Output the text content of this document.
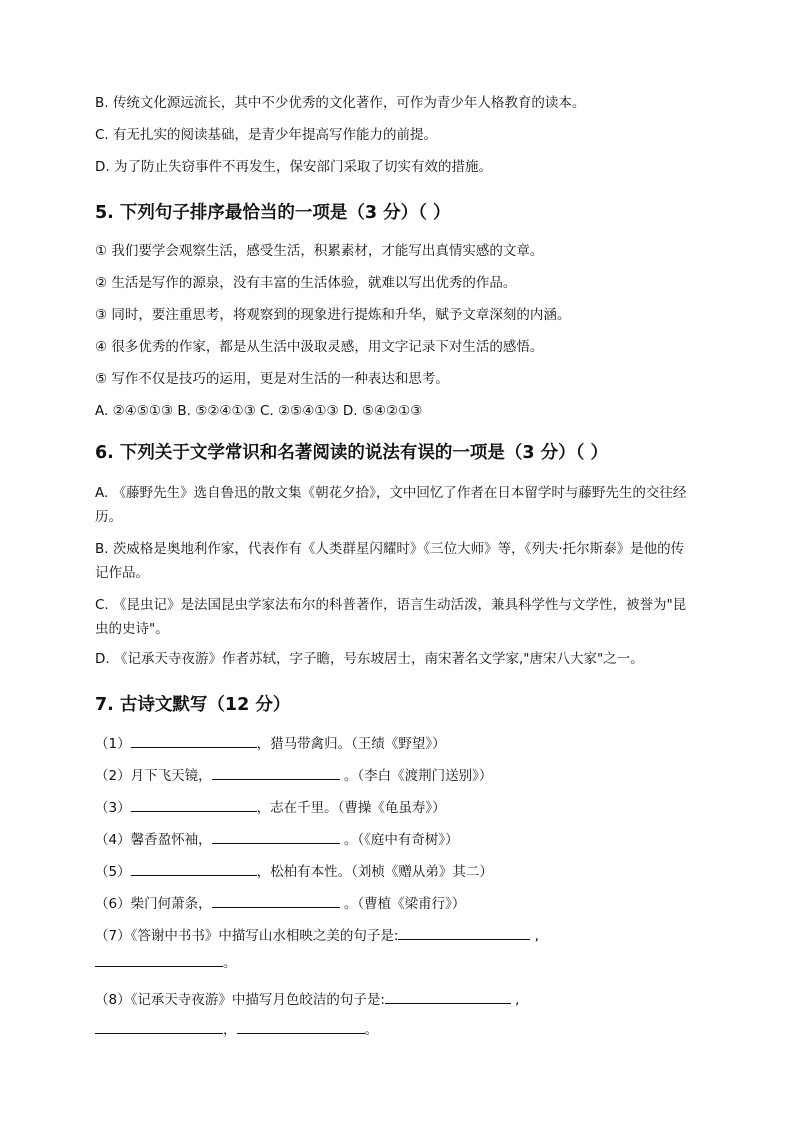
B. 传统文化源远流长，其中不少优秀的文化著作，可作为青少年人格教育的读本。
C. 有无扎实的阅读基础，是青少年提高写作能力的前提。
D. 为了防止失窃事件不再发生，保安部门采取了切实有效的措施。
5. 下列句子排序最恰当的一项是（3 分）（ ）
① 我们要学会观察生活，感受生活，积累素材，才能写出真情实感的文章。
② 生活是写作的源泉，没有丰富的生活体验，就难以写出优秀的作品。
③ 同时，要注重思考，将观察到的现象进行提炼和升华，赋予文章深刻的内涵。
④ 很多优秀的作家，都是从生活中汲取灵感，用文字记录下对生活的感悟。
⑤ 写作不仅是技巧的运用，更是对生活的一种表达和思考。
A. ②④⑤①③ B. ⑤②④①③ C. ②⑤④①③ D. ⑤④②①③
6. 下列关于文学常识和名著阅读的说法有误的一项是（3 分）（ ）
A. 《藤野先生》选自鲁迅的散文集《朝花夕拾》，文中回忆了作者在日本留学时与藤野先生的交往经历。
B. 茨威格是奥地利作家，代表作有《人类群星闪耀时》《三位大师》等，《列夫·托尔斯泰》是他的传记作品。
C. 《昆虫记》是法国昆虫学家法布尔的科普著作，语言生动活泼，兼具科学性与文学性，被誉为"昆虫的史诗"。
D. 《记承天寺夜游》作者苏轼，字子瞻，号东坡居士，南宋著名文学家,"唐宋八大家"之一。
7. 古诗文默写（12 分）
（1）	，猎马带禽归。（王绩《野望》）
（2）月下飞天镜，	。（李白《渡荆门送别》）
（3）	，志在千里。（曹操《龟虽寿》）
（4）馨香盈怀袖，	。（《庭中有奇树》）
（5）	，松柏有本性。（刘桢《赠从弟》其二）
（6）柴门何萧条，	。（曹植《梁甫行》）
（7）《答谢中书书》中描写山水相映之美的句子是:	,
。
（8）《记承天寺夜游》中描写月色皎洁的句子是:	,
，	。
